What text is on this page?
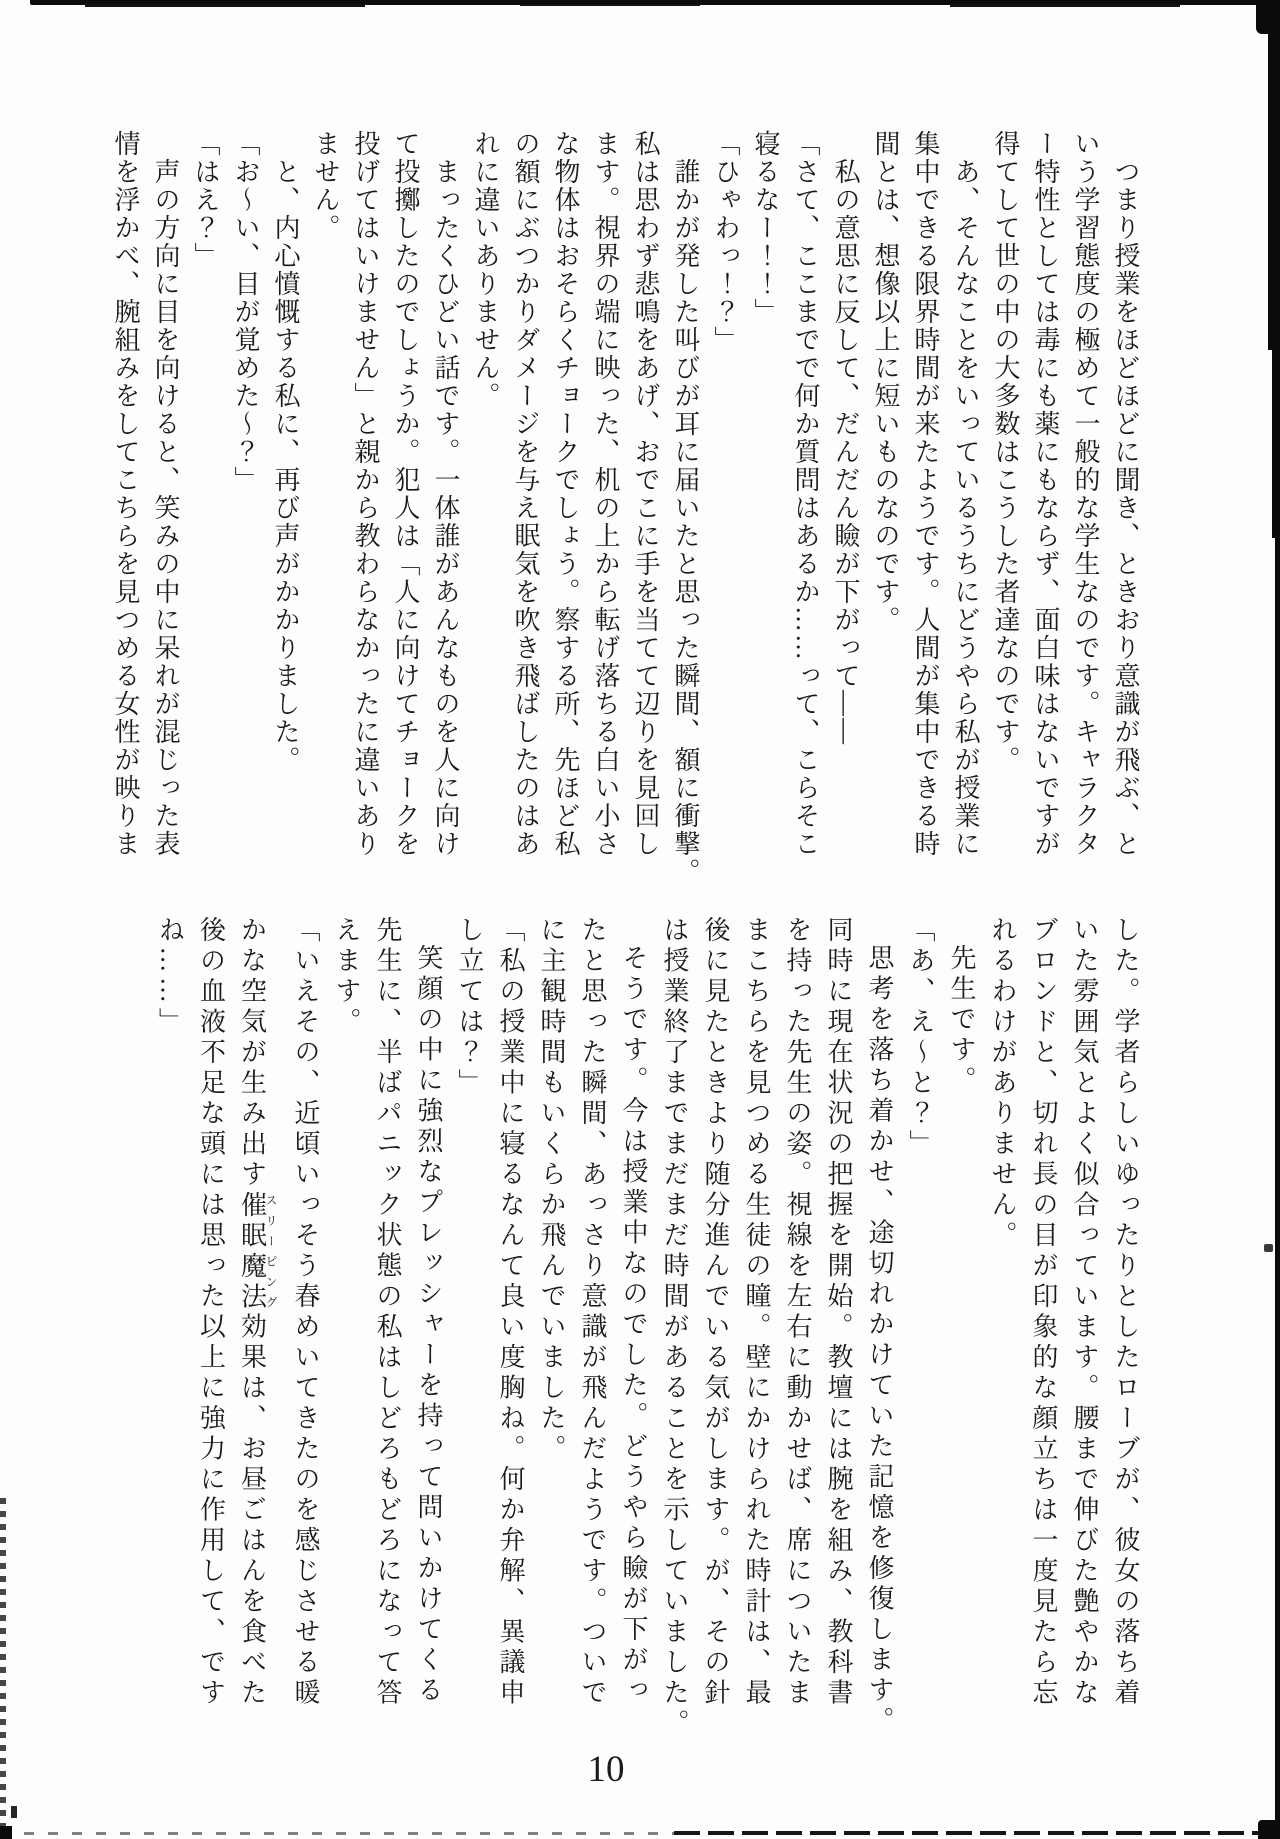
つまり授業をほどほどに聞き、ときおり意識が飛ぶ、と
いう学習態度の極めて一般的な学生なのです。キャラクタ
ー特性としては毒にも薬にもならず、面白味はないですが
得てして世の中の大多数はこうした者達なのです。
あ、そんなことをいっているうちにどうやら私が授業に
集中できる限界時間が来たようです。人間が集中できる時
間とは、想像以上に短いものなのです。
私の意思に反して、だんだん瞼が下がって――
「さて、ここまでで何か質問はあるか……って、こらそこ
寝るなー！！」
「ひゃわっ！？」
誰かが発した叫びが耳に届いたと思った瞬間、額に衝撃。
私は思わず悲鳴をあげ、おでこに手を当てて辺りを見回し
ます。視界の端に映った、机の上から転げ落ちる白い小さ
な物体はおそらくチョークでしょう。察する所、先ほど私
の額にぶつかりダメージを与え眠気を吹き飛ばしたのはあ
れに違いありません。
まったくひどい話です。一体誰があんなものを人に向け
て投擲したのでしょうか。犯人は「人に向けてチョークを
投げてはいけません」と親から教わらなかったに違いあり
ません。
と、内心憤慨する私に、再び声がかかりました。
「お〜い、目が覚めた〜？」
「はえ？」
声の方向に目を向けると、笑みの中に呆れが混じった表
情を浮かべ、腕組みをしてこちらを見つめる女性が映りま
した。学者らしいゆったりとしたローブが、彼女の落ち着
いた雰囲気とよく似合っています。腰まで伸びた艶やかな
ブロンドと、切れ長の目が印象的な顔立ちは一度見たら忘
れるわけがありません。
先生です。
「あ、え〜と？」
思考を落ち着かせ、途切れかけていた記憶を修復します。
同時に現在状況の把握を開始。教壇には腕を組み、教科書
を持った先生の姿。視線を左右に動かせば、席についたま
まこちらを見つめる生徒の瞳。壁にかけられた時計は、最
後に見たときより随分進んでいる気がします。が、その針
は授業終了までまだまだ時間があることを示していました。
そうです。今は授業中なのでした。どうやら瞼が下がっ
たと思った瞬間、あっさり意識が飛んだようです。ついで
に主観時間もいくらか飛んでいました。
「私の授業中に寝るなんて良い度胸ね。何か弁解、異議申
し立ては？」
笑顔の中に強烈なプレッシャーを持って問いかけてくる
先生に、半ばパニック状態の私はしどろもどろになって答
えます。
「いえその、近頃いっそう春めいてきたのを感じさせる暖
かな空気が生み出す催眠魔法スリーピング効果は、お昼ごはんを食べた
後の血液不足な頭には思った以上に強力に作用して、です
ね……」
10
